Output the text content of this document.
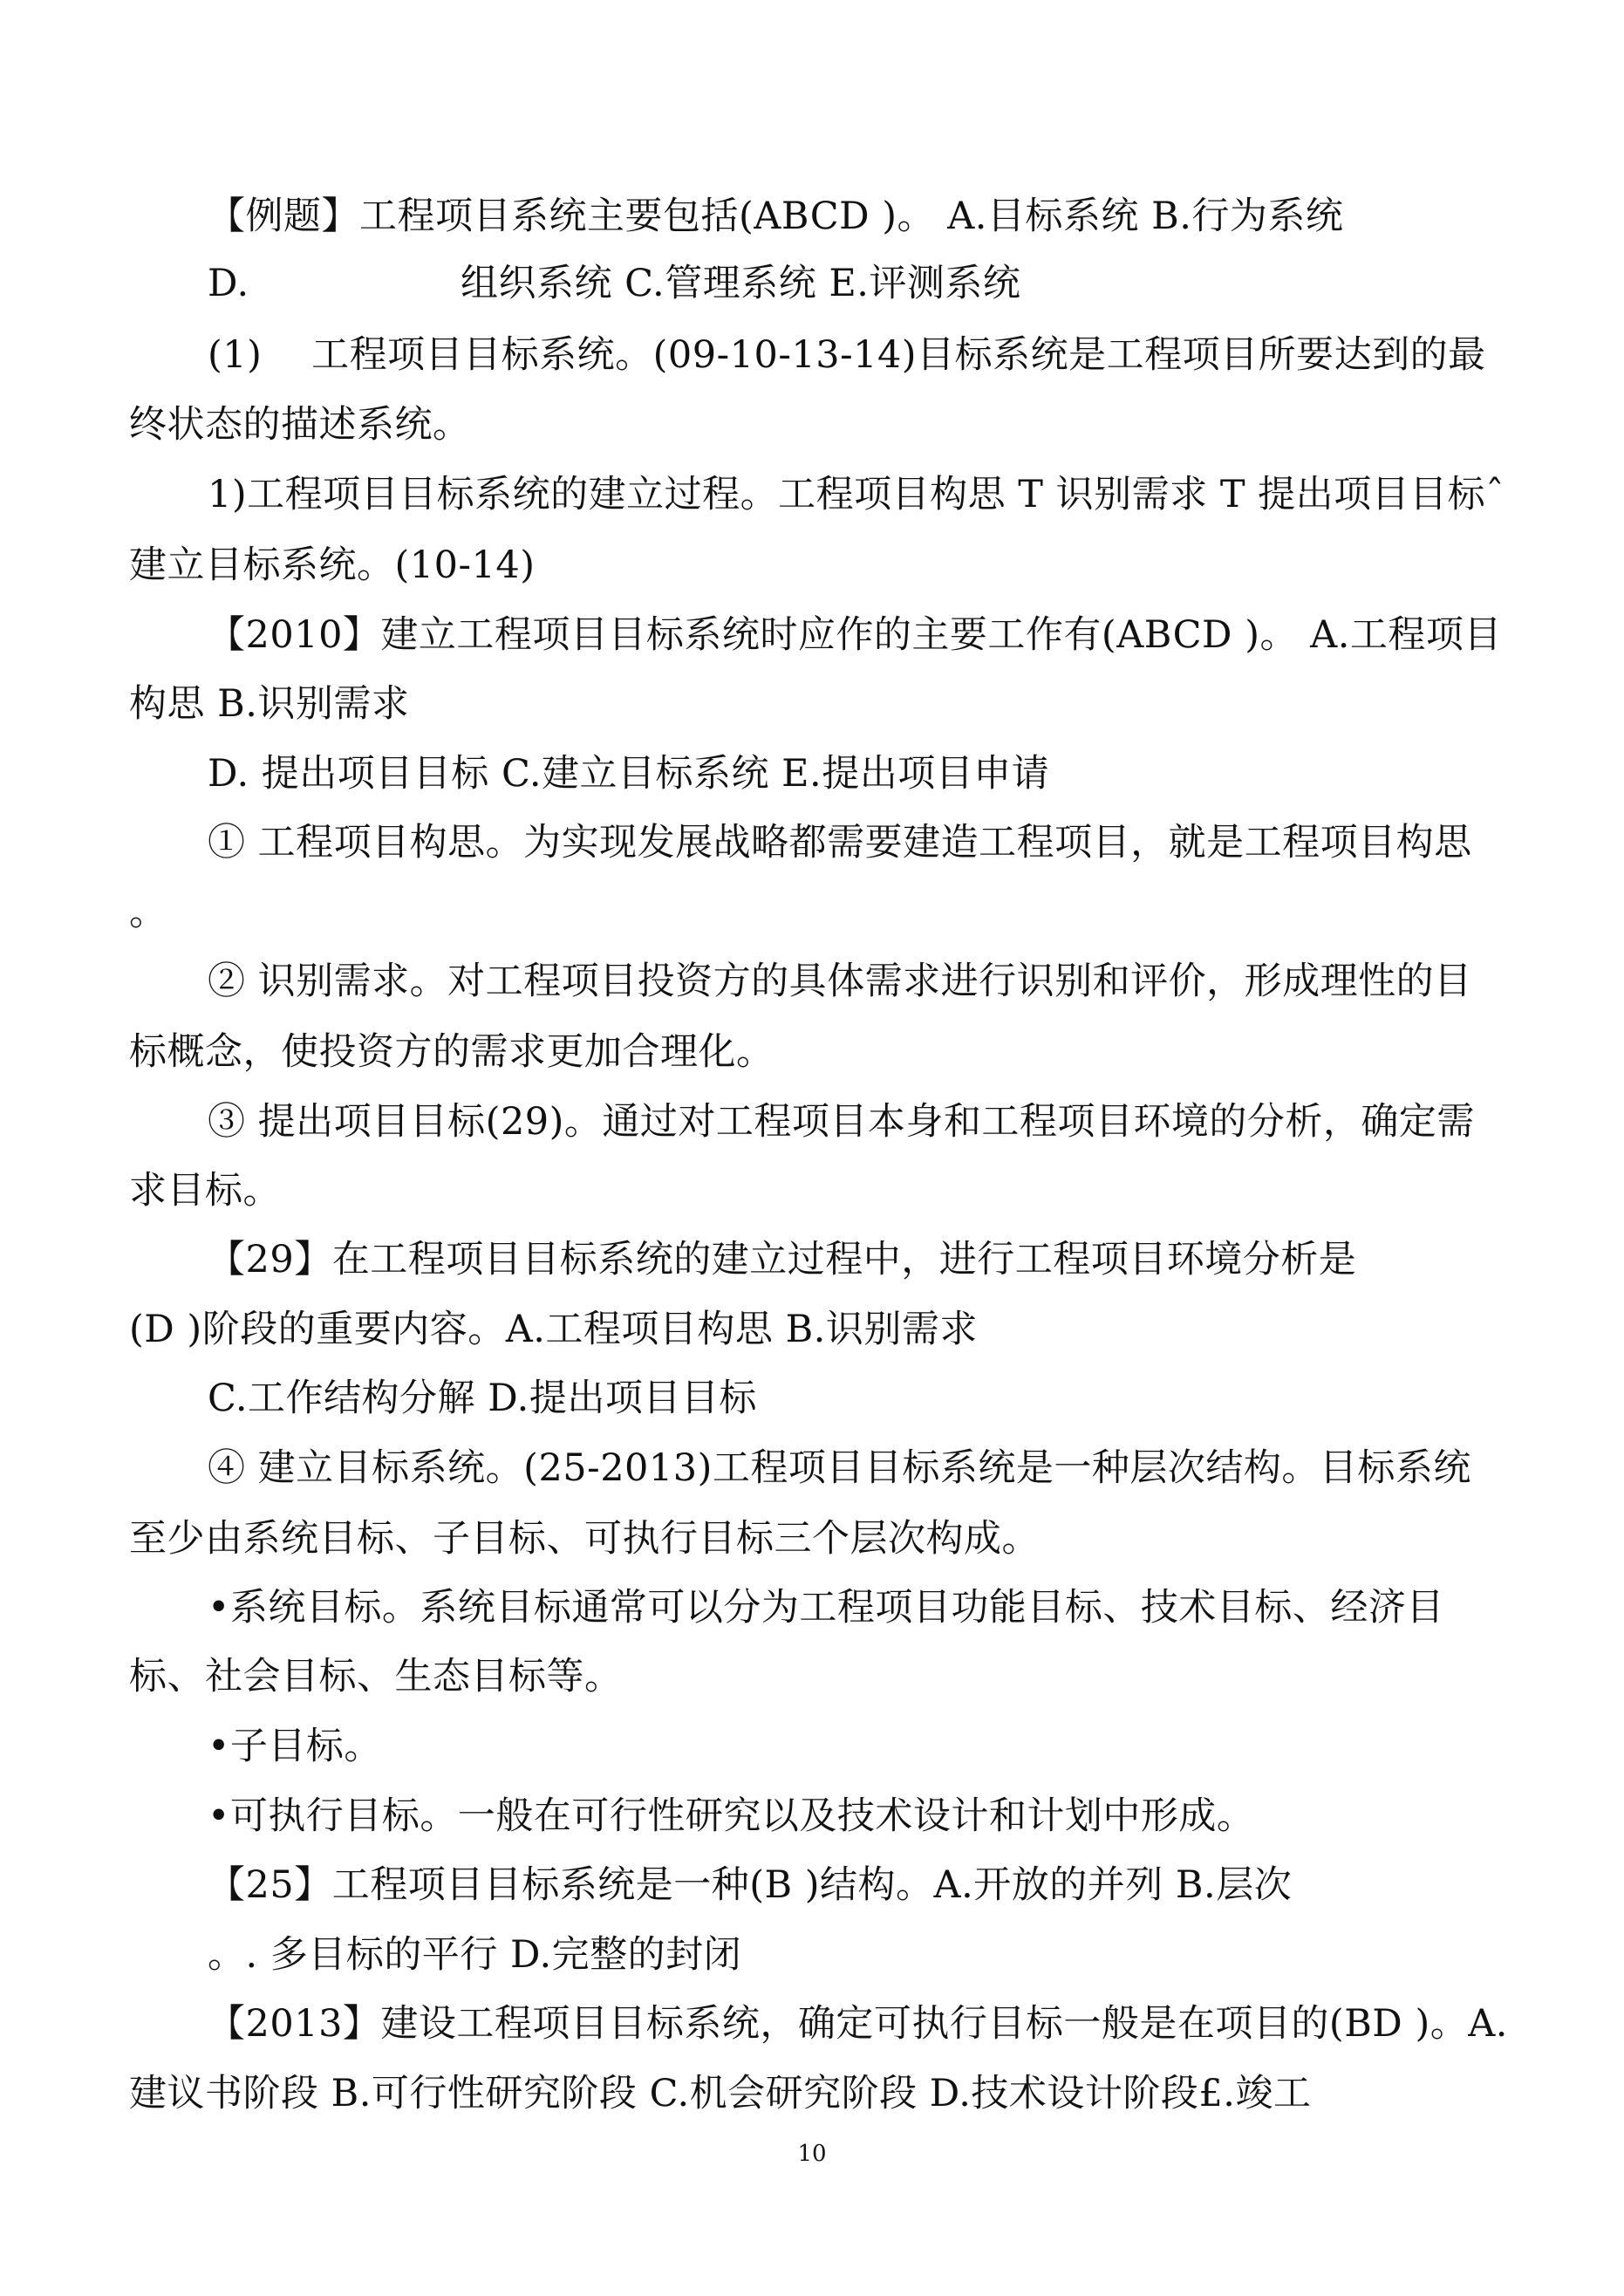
【例题】工程项目系统主要包括(ABCD )。 A.目标系统 B.行为系统
D.	组织系统 C.管理系统 E.评测系统
(1)    工程项目目标系统。(09-10-13-14)目标系统是工程项目所要达到的最
终状态的描述系统。
1)工程项目目标系统的建立过程。工程项目构思 T 识别需求 T 提出项目目标ˆ
建立目标系统。(10-14)
【2010】建立工程项目目标系统时应作的主要工作有(ABCD )。 A.工程项目
构思 B.识别需求
D. 提出项目目标 C.建立目标系统 E.提出项目申请
① 工程项目构思。为实现发展战略都需要建造工程项目，就是工程项目构思
。
② 识别需求。对工程项目投资方的具体需求进行识别和评价，形成理性的目
标概念，使投资方的需求更加合理化。
③ 提出项目目标(29)。通过对工程项目本身和工程项目环境的分析，确定需
求目标。
【29】在工程项目目标系统的建立过程中，进行工程项目环境分析是
(D )阶段的重要内容。A.工程项目构思 B.识别需求
C.工作结构分解 D.提出项目目标
④ 建立目标系统。(25-2013)工程项目目标系统是一种层次结构。目标系统
至少由系统目标、子目标、可执行目标三个层次构成。
•系统目标。系统目标通常可以分为工程项目功能目标、技术目标、经济目
标、社会目标、生态目标等。
•子目标。
•可执行目标。一般在可行性研究以及技术设计和计划中形成。
【25】工程项目目标系统是一种(B )结构。A.开放的并列 B.层次
。. 多目标的平行 D.完整的封闭
【2013】建设工程项目目标系统，确定可执行目标一般是在项目的(BD )。A.
建议书阶段 B.可行性研究阶段 C.机会研究阶段 D.技术设计阶段£.竣工
10
